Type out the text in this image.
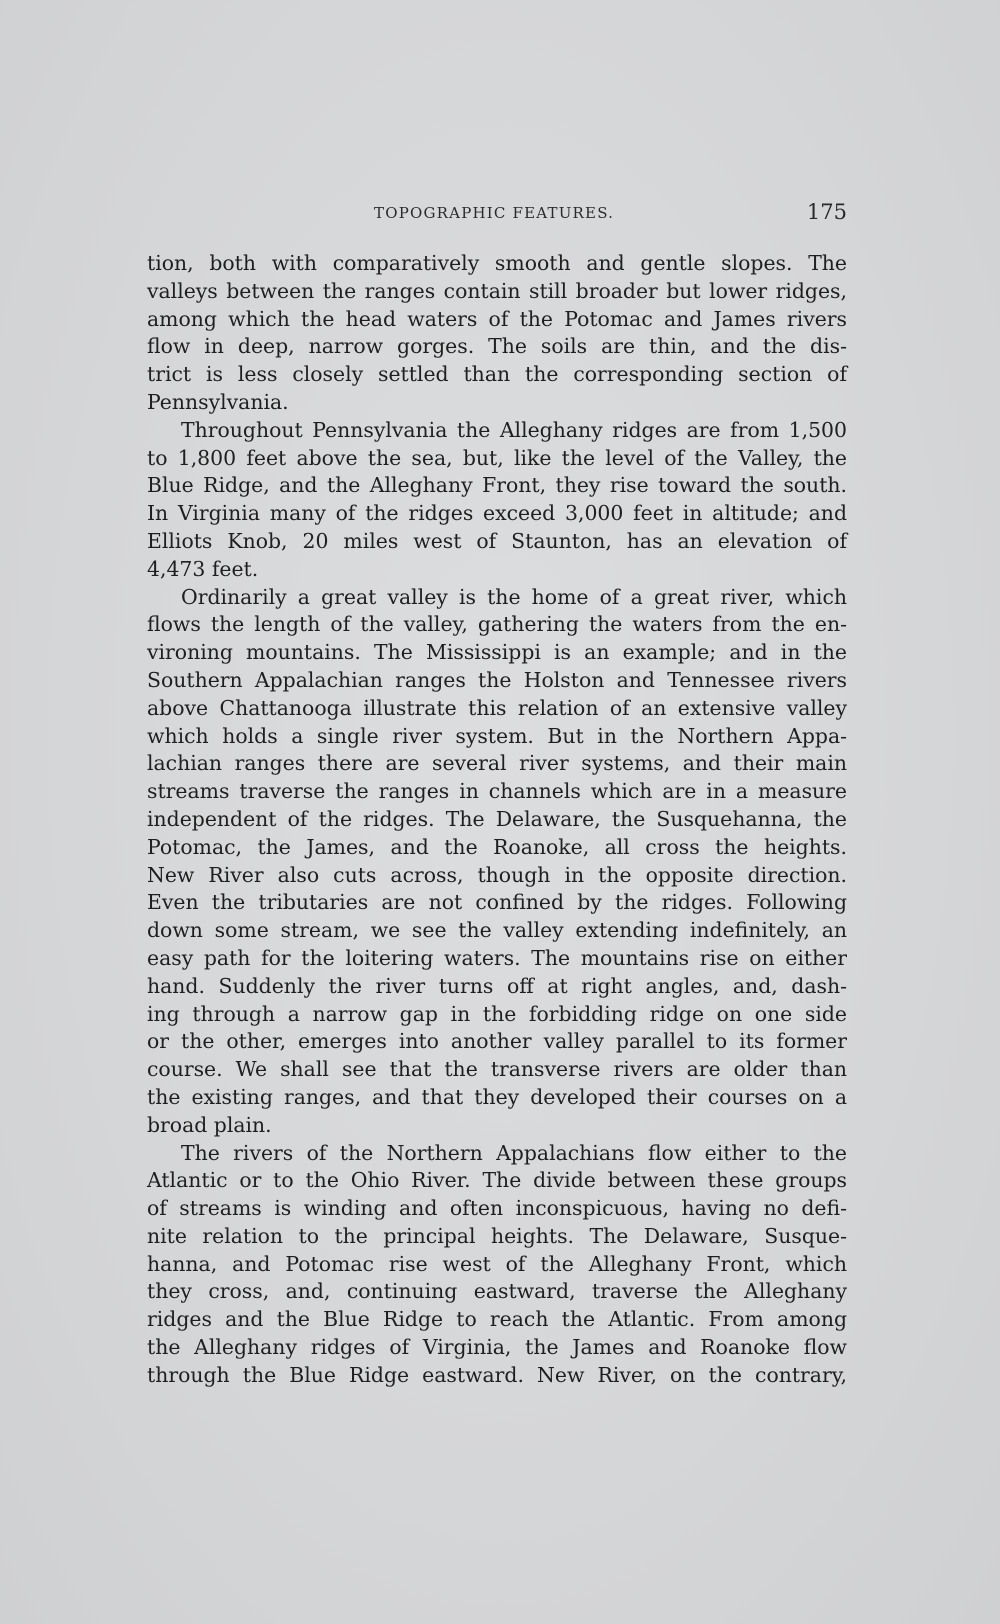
TOPOGRAPHIC FEATURES.	175

tion, both with comparatively smooth and gentle slopes. The
valleys between the ranges contain still broader but lower ridges,
among which the head waters of the Potomac and James rivers
flow in deep, narrow gorges. The soils are thin, and the dis-
trict is less closely settled than the corresponding section of
Pennsylvania.

Throughout Pennsylvania the Alleghany ridges are from 1,500
to 1,800 feet above the sea, but, like the level of the Valley, the
Blue Ridge, and the Alleghany Front, they rise toward the south.
In Virginia many of the ridges exceed 3,000 feet in altitude; and
Elliots Knob, 20 miles west of Staunton, has an elevation of
4,473 feet.

Ordinarily a great valley is the home of a great river, which
flows the length of the valley, gathering the waters from the en-
vironing mountains. The Mississippi is an example; and in the
Southern Appalachian ranges the Holston and Tennessee rivers
above Chattanooga illustrate this relation of an extensive valley
which holds a single river system. But in the Northern Appa-
lachian ranges there are several river systems, and their main
streams traverse the ranges in channels which are in a measure
independent of the ridges. The Delaware, the Susquehanna, the
Potomac, the James, and the Roanoke, all cross the heights.
New River also cuts across, though in the opposite direction.
Even the tributaries are not confined by the ridges. Following
down some stream, we see the valley extending indefinitely, an
easy path for the loitering waters. The mountains rise on either
hand. Suddenly the river turns off at right angles, and, dash-
ing through a narrow gap in the forbidding ridge on one side
or the other, emerges into another valley parallel to its former
course. We shall see that the transverse rivers are older than
the existing ranges, and that they developed their courses on a
broad plain.

The rivers of the Northern Appalachians flow either to the
Atlantic or to the Ohio River. The divide between these groups
of streams is winding and often inconspicuous, having no defi-
nite relation to the principal heights. The Delaware, Susque-
hanna, and Potomac rise west of the Alleghany Front, which
they cross, and, continuing eastward, traverse the Alleghany
ridges and the Blue Ridge to reach the Atlantic. From among
the Alleghany ridges of Virginia, the James and Roanoke flow
through the Blue Ridge eastward. New River, on the contrary,
